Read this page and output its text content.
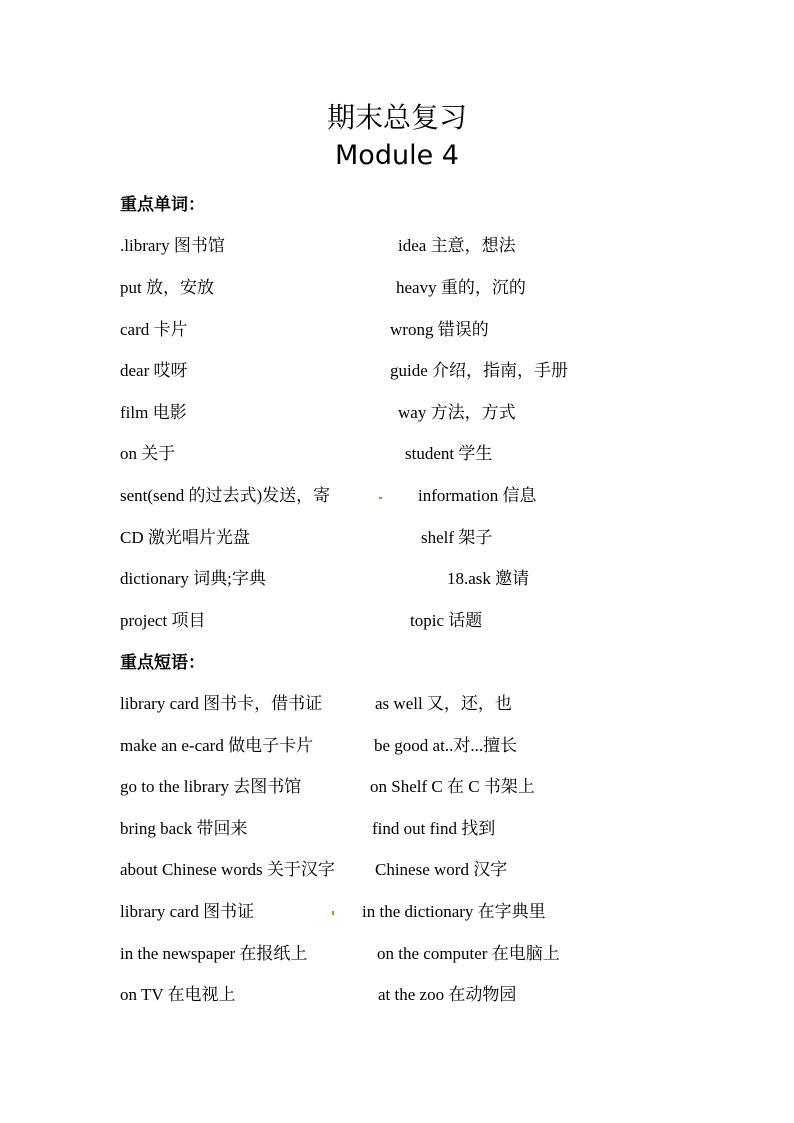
期末总复习
Module 4
重点单词：
.library 图书馆	idea 主意，想法
put 放，安放	heavy 重的，沉的
card 卡片	wrong 错误的
dear 哎呀	guide 介绍，指南，手册
film 电影	way 方法，方式
on 关于	student 学生
sent(send 的过去式)发送，寄	information 信息
CD 激光唱片光盘	shelf 架子
dictionary 词典;字典	18.ask 邀请
project 项目	topic 话题
重点短语：
library card 图书卡，借书证	as well 又，还，也
make an e-card 做电子卡片	be good at..对...擅长
go to the library 去图书馆	on Shelf C 在 C 书架上
bring back 带回来	find out find 找到
about Chinese words 关于汉字 Chinese word 汉字
library card 图书证	in the dictionary 在字典里
in the newspaper 在报纸上	on the computer 在电脑上
on TV 在电视上	at the zoo 在动物园
